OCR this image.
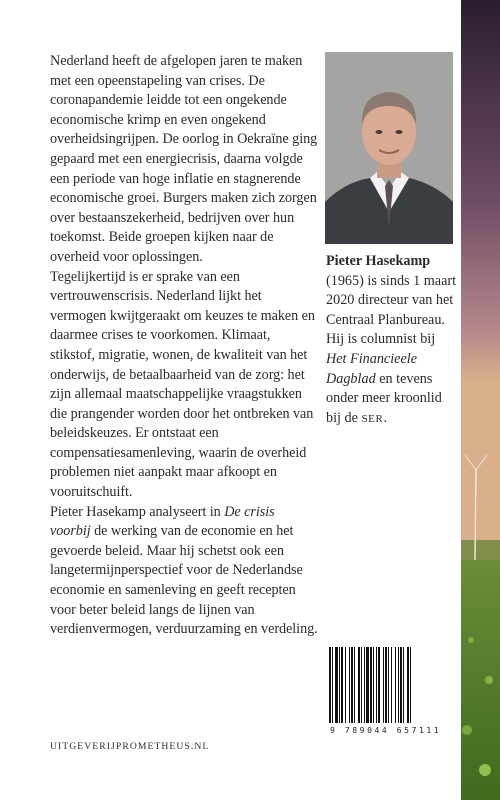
Nederland heeft de afgelopen jaren te maken met een opeenstapeling van crises. De coronapandemie leidde tot een ongekende economische krimp en even ongekend overheidsingrijpen. De oorlog in Oekraïne ging gepaard met een energiecrisis, daarna volgde een periode van hoge inflatie en stagnerende economische groei. Burgers maken zich zorgen over bestaanszekerheid, bedrijven over hun toekomst. Beide groepen kijken naar de overheid voor oplossingen.

Tegelijkertijd is er sprake van een vertrouwenscrisis. Nederland lijkt het vermogen kwijtgeraakt om keuzes te maken en daarmee crises te voorkomen. Klimaat, stikstof, migratie, wonen, de kwaliteit van het onderwijs, de betaalbaarheid van de zorg: het zijn allemaal maatschappelijke vraagstukken die prangender worden door het ontbreken van beleidskeuzes. Er ontstaat een compensatiesamenleving, waarin de overheid problemen niet aanpakt maar afkoopt en vooruitschuift.

Pieter Hasekamp analyseert in De crisis voorbij de werking van de economie en het gevoerde beleid. Maar hij schetst ook een langetermijnperspectief voor de Nederlandse economie en samenleving en geeft recepten voor beter beleid langs de lijnen van verdienvermogen, verduurzaming en verdeling.

UITGEVERIJPROMETHEUS.NL

Pieter Hasekamp (1965) is sinds 1 maart 2020 directeur van het Centraal Planbureau. Hij is columnist bij Het Financieele Dagblad en tevens onder meer kroonlid bij de SER.

9 789044 657111
